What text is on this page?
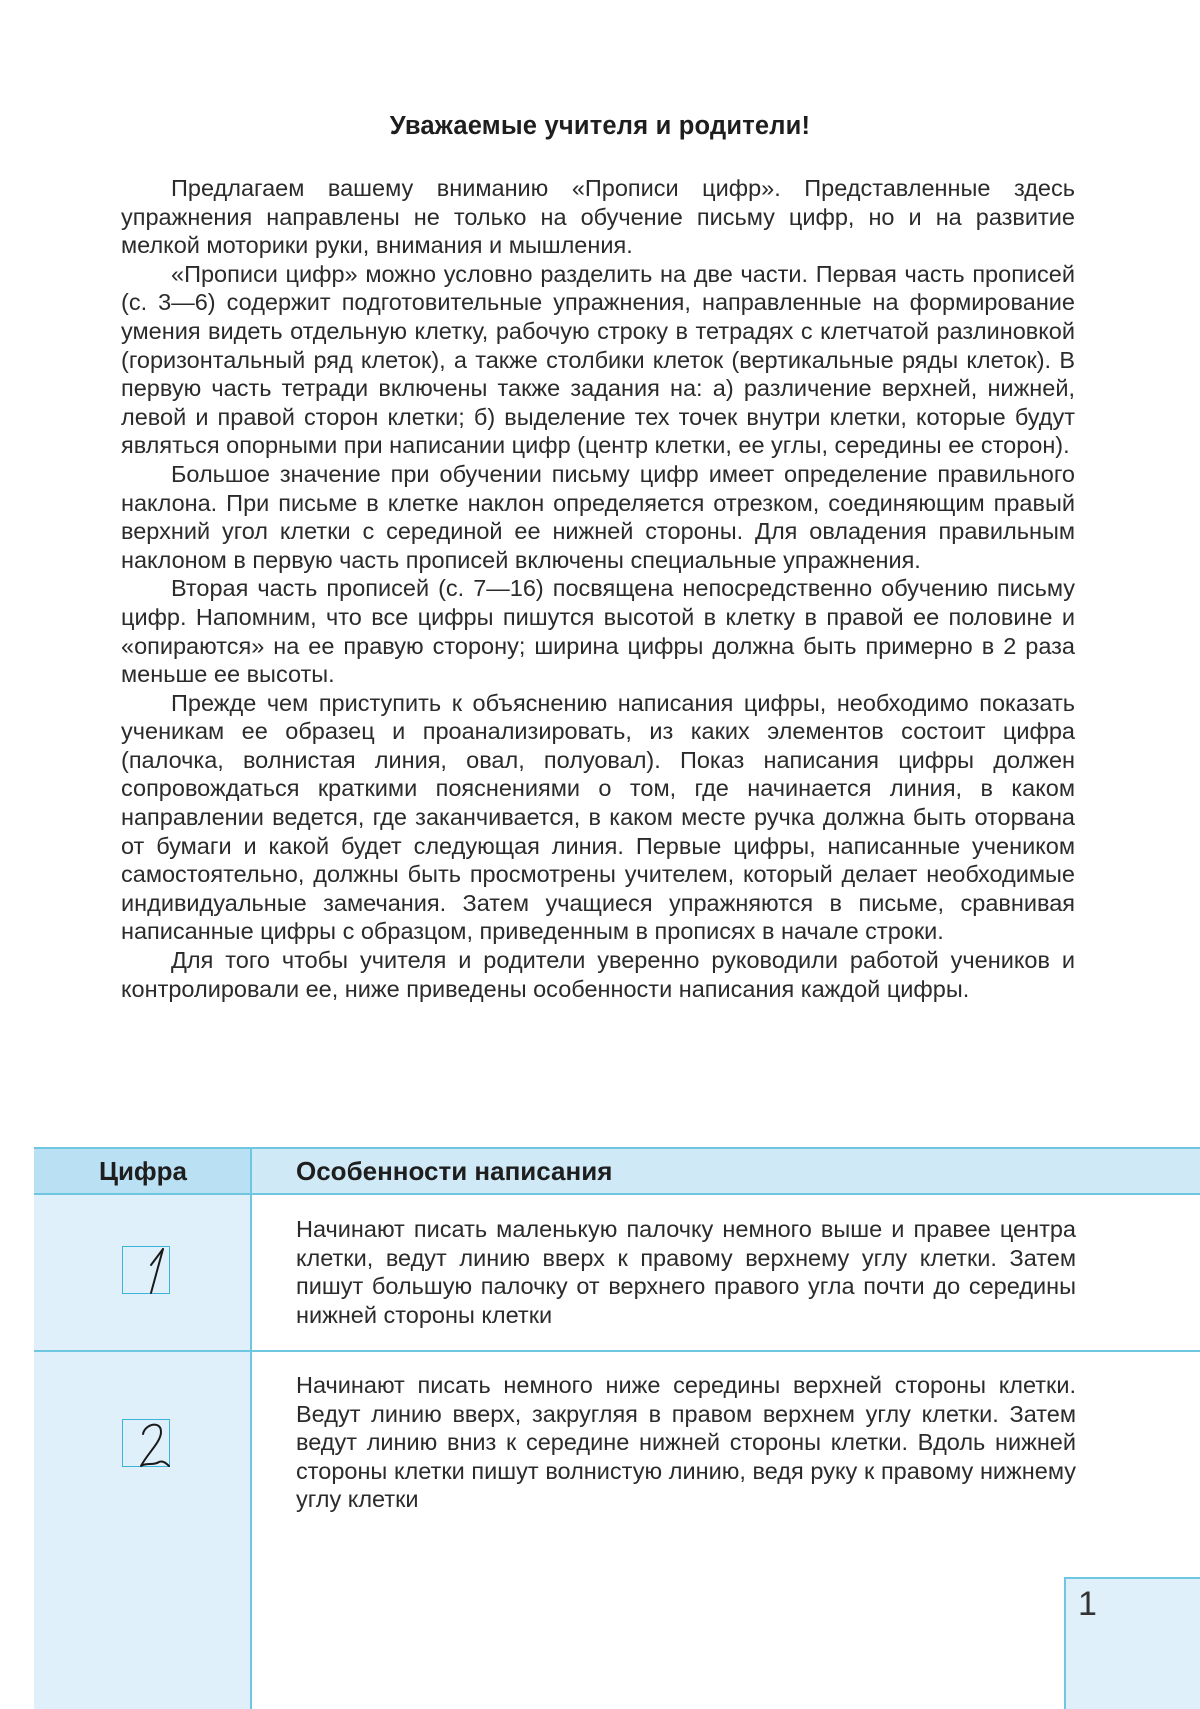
Уважаемые учителя и родители!

Предлагаем вашему вниманию «Прописи цифр». Представленные здесь упражнения направлены не только на обучение письму цифр, но и на развитие мелкой моторики руки, внимания и мышления.

«Прописи цифр» можно условно разделить на две части. Первая часть прописей (с. 3—6) содержит подготовительные упражнения, направленные на формирование умения видеть отдельную клетку, рабочую строку в тетрадях с клетчатой разлиновкой (горизонтальный ряд клеток), а также столбики клеток (вертикальные ряды клеток). В первую часть тетради включены также задания на: а) различение верхней, нижней, левой и правой сторон клетки; б) выделение тех точек внутри клетки, которые будут являться опорными при написании цифр (центр клетки, ее углы, середины ее сторон).

Большое значение при обучении письму цифр имеет определение правильного наклона. При письме в клетке наклон определяется отрезком, соединяющим правый верхний угол клетки с серединой ее нижней стороны. Для овладения правильным наклоном в первую часть прописей включены специальные упражнения.

Вторая часть прописей (с. 7—16) посвящена непосредственно обучению письму цифр. Напомним, что все цифры пишутся высотой в клетку в правой ее половине и «опираются» на ее правую сторону; ширина цифры должна быть примерно в 2 раза меньше ее высоты.

Прежде чем приступить к объяснению написания цифры, необходимо показать ученикам ее образец и проанализировать, из каких элементов состоит цифра (палочка, волнистая линия, овал, полуовал). Показ написания цифры должен сопровождаться краткими пояснениями о том, где начинается линия, в каком направлении ведется, где заканчивается, в каком месте ручка должна быть оторвана от бумаги и какой будет следующая линия. Первые цифры, написанные учеником самостоятельно, должны быть просмотрены учителем, который делает необходимые индивидуальные замечания. Затем учащиеся упражняются в письме, сравнивая написанные цифры с образцом, приведенным в прописях в начале строки.

Для того чтобы учителя и родители уверенно руководили работой учеников и контролировали ее, ниже приведены особенности написания каждой цифры.

Цифра	Особенности написания
Начинают писать маленькую палочку немного выше и правее центра клетки, ведут линию вверх к правому верхнему углу клетки. Затем пишут большую палочку от верхнего правого угла почти до середины нижней стороны клетки
Начинают писать немного ниже середины верхней стороны клетки. Ведут линию вверх, закругляя в правом верхнем углу клетки. Затем ведут линию вниз к середине нижней стороны клетки. Вдоль нижней стороны клетки пишут волнистую линию, ведя руку к правому нижнему углу клетки
1
